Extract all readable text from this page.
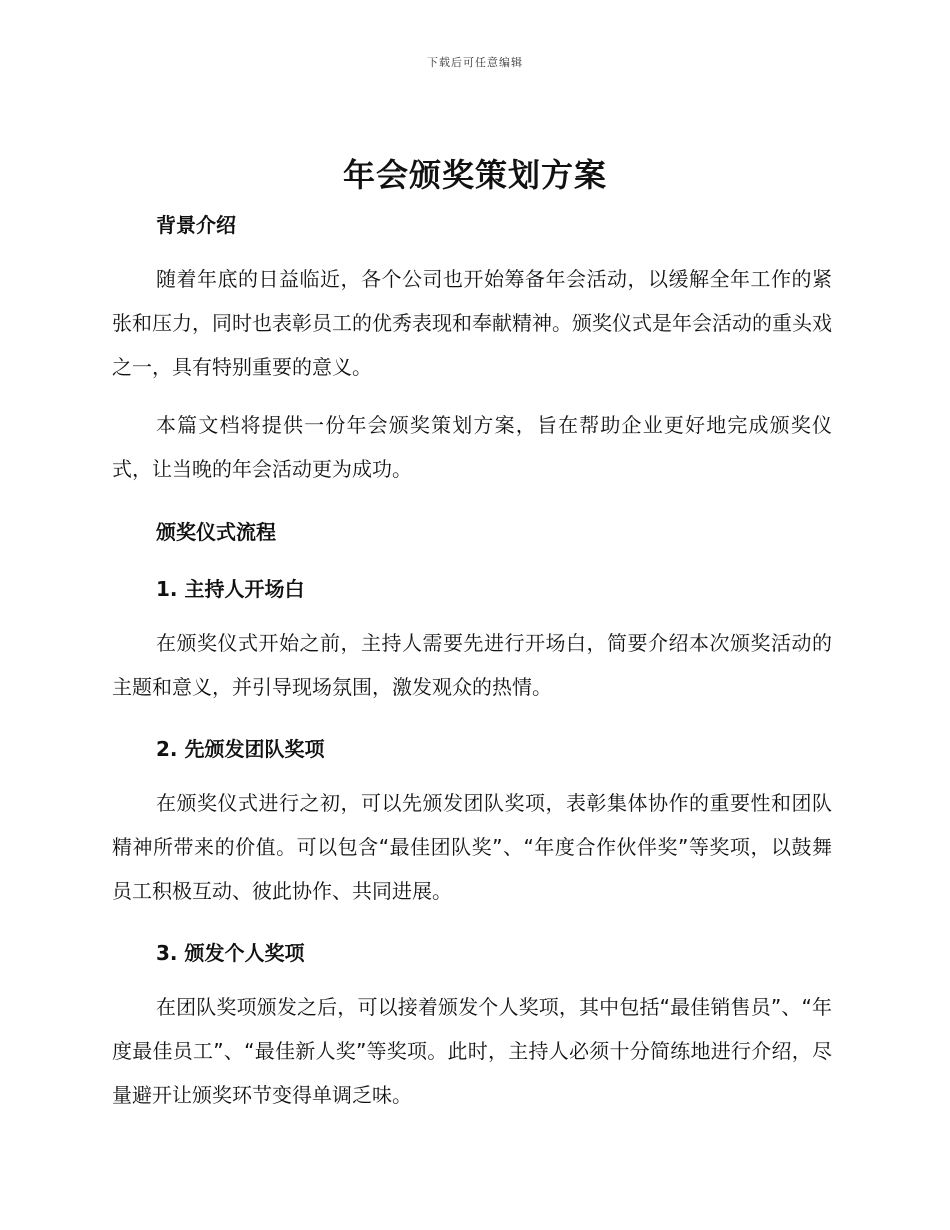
下载后可任意编辑
年会颁奖策划方案
背景介绍

随着年底的日益临近，各个公司也开始筹备年会活动，以缓解全年工作的紧张和压力，同时也表彰员工的优秀表现和奉献精神。颁奖仪式是年会活动的重头戏之一，具有特别重要的意义。

本篇文档将提供一份年会颁奖策划方案，旨在帮助企业更好地完成颁奖仪式，让当晚的年会活动更为成功。

颁奖仪式流程
1. 主持人开场白

在颁奖仪式开始之前，主持人需要先进行开场白，简要介绍本次颁奖活动的主题和意义，并引导现场氛围，激发观众的热情。

2. 先颁发团队奖项

在颁奖仪式进行之初，可以先颁发团队奖项，表彰集体协作的重要性和团队精神所带来的价值。可以包含“最佳团队奖”、“年度合作伙伴奖”等奖项，以鼓舞员工积极互动、彼此协作、共同进展。

3. 颁发个人奖项

在团队奖项颁发之后，可以接着颁发个人奖项，其中包括“最佳销售员”、“年度最佳员工”、“最佳新人奖”等奖项。此时，主持人必须十分简练地进行介绍，尽量避开让颁奖环节变得单调乏味。
